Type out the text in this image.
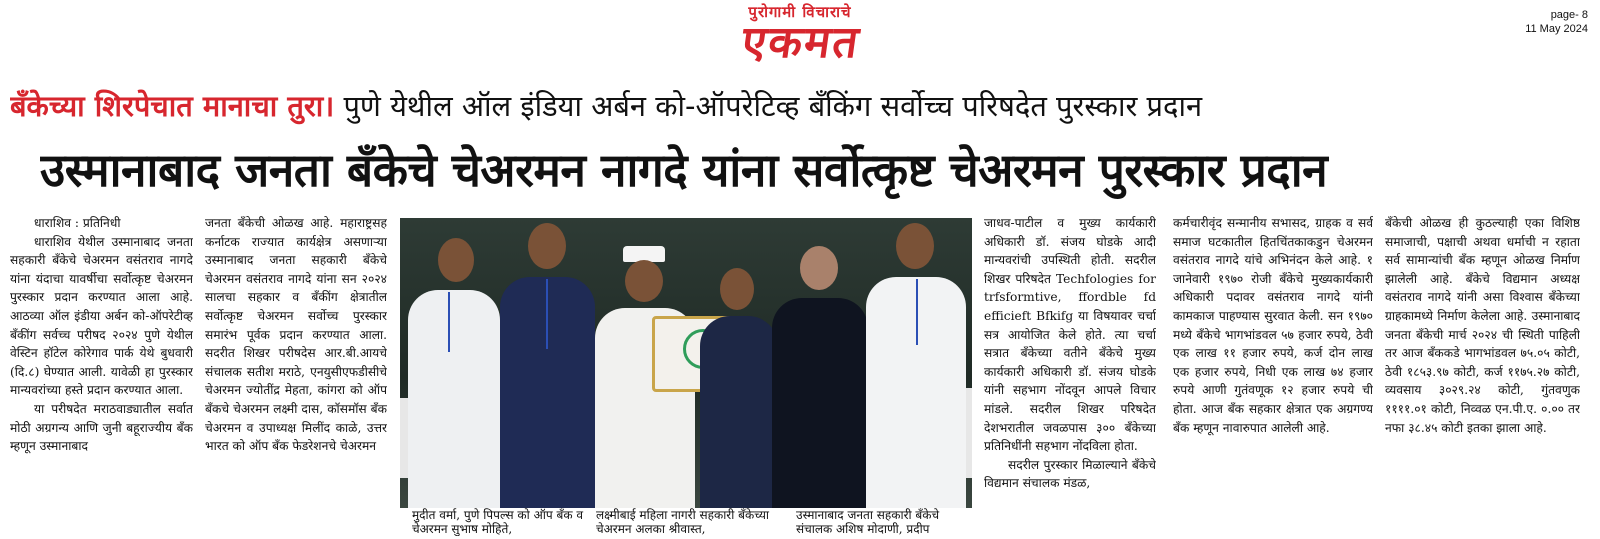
पुरोगामी विचाराचे
एकमत
page- 8
11 May 2024
बॅंकेच्या शिरपेचात मानाचा तुरा। पुणे येथील ऑल इंडिया अर्बन को-ऑपरेटिव्ह बँकिंग सर्वोच्च परिषदेत पुरस्कार प्रदान
उस्मानाबाद जनता बँकेचे चेअरमन नागदे यांना सर्वोत्कृष्ट चेअरमन पुरस्कार प्रदान

धाराशिव : प्रतिनिधी

धाराशिव येथील उस्मानाबाद जनता सहकारी बँकेचे चेअरमन वसंतराव नागदे यांना यंदाचा यावर्षीचा सर्वोत्कृष्ट चेअरमन पुरस्कार प्रदान करण्यात आला आहे. आठव्या ऑल इंडीया अर्बन को-ऑपरेटीव्ह बँकींग सर्वच्च परीषद २०२४ पुणे येथील वेस्टिन हॉटेल कोरेगाव पार्क येथे बुधवारी (दि.८) घेण्यात आली. यावेळी हा पुरस्कार मान्यवरांच्या हस्ते प्रदान करण्यात आला.

या परीषदेत मराठवाड्यातील सर्वात मोठी अग्रगन्य आणि जुनी बहूराज्यीय बँक म्हणून उस्मानाबाद

जनता बँकेची ओळख आहे. महाराष्ट्रसह कर्नाटक राज्यात कार्यक्षेत्र असणाऱ्या उस्मानाबाद जनता सहकारी बँकेचे चेअरमन वसंतराव नागदे यांना सन २०२४ सालचा सहकार व बँकींग क्षेत्रातील सर्वोत्कृष्ट चेअरमन सर्वोच्च पुरस्कार समारंभ पूर्वक प्रदान करण्यात आला. सदरीत शिखर परीषदेस आर.बी.आयचे संचालक सतीश मराठे, एनयुसीएफडीसीचे चेअरमन ज्योतींद्र मेहता, कांगरा को ऑप बँकचे चेअरमन लक्ष्मी दास, कॉसमॉस बँक चेअरमन व उपाध्यक्ष मिलींद काळे, उत्तर भारत को ऑप बँक फेडरेशनचे चेअरमन

मुदीत वर्मा, पुणे पिपल्स को ऑप बँक व चेअरमन सुभाष मोहिते,
लक्ष्मीबाई महिला नागरी सहकारी बँकेच्या चेअरमन अलका श्रीवास्त,
उस्मानाबाद जनता सहकारी बँकेचे संचालक अशिष मोदाणी, प्रदीप

जाधव-पाटील व मुख्य कार्यकारी अधिकारी डॉ. संजय घोडके आदी मान्यवरांची उपस्थिती होती. सदरील शिखर परिषदेत Techfologies for trfsformtive, ffordble fd efficieft Bfkifg या विषयावर चर्चा सत्र आयोजित केले होते. त्या चर्चा सत्रात बँकेच्या वतीने बँकेचे मुख्य कार्यकारी अधिकारी डॉ. संजय घोडके यांनी सहभाग नोंदवून आपले विचार मांडले. सदरील शिखर परिषदेत देशभरातील जवळपास ३०० बँकेच्या प्रतिनिधींनी सहभाग नोंदविला होता.

सदरील पुरस्कार मिळाल्याने बँकेचे विद्यमान संचालक मंडळ,

कर्मचारीवृंद सन्मानीय सभासद, ग्राहक व सर्व समाज घटकातील हितचिंतकाकडुन चेअरमन वसंतराव नागदे यांचे अभिनंदन केले आहे. १ जानेवारी १९७० रोजी बँकेचे मुख्यकार्यकारी अधिकारी पदावर वसंतराव नागदे यांनी कामकाज पाहण्यास सुरवात केली. सन १९७० मध्ये बँकेचे भागभांडवल ५७ हजार रुपये, ठेवी एक लाख ११ हजार रुपये, कर्ज दोन लाख एक हजार रुपये, निधी एक लाख ७४ हजार रुपये आणी गुतंवणूक १२ हजार रुपये ची होता. आज बँक सहकार क्षेत्रात एक अग्रगण्य बँक म्हणून नावारुपात आलेली आहे.

बँकेची ओळख ही कुठल्याही एका विशिष्ठ समाजाची, पक्षाची अथवा धर्माची न रहाता सर्व सामान्यांची बँक म्हणून ओळख निर्माण झालेली आहे. बँकेचे विद्यमान अध्यक्ष वसंतराव नागदे यांनी असा विश्वास बँकेच्या ग्राहकामध्ये निर्माण केलेला आहे. उस्मानाबाद जनता बँकेची मार्च २०२४ ची स्थिती पाहिली तर आज बँककडे भागभांडवल ७५.०५ कोटी, ठेवी १८५३.९७ कोटी, कर्ज ११७५.२७ कोटी, व्यवसाय ३०२९.२४ कोटी, गुंतवणुक ११११.०१ कोटी, निव्वळ एन.पी.ए. ०.०० तर नफा ३८.४५ कोटी इतका झाला आहे.
